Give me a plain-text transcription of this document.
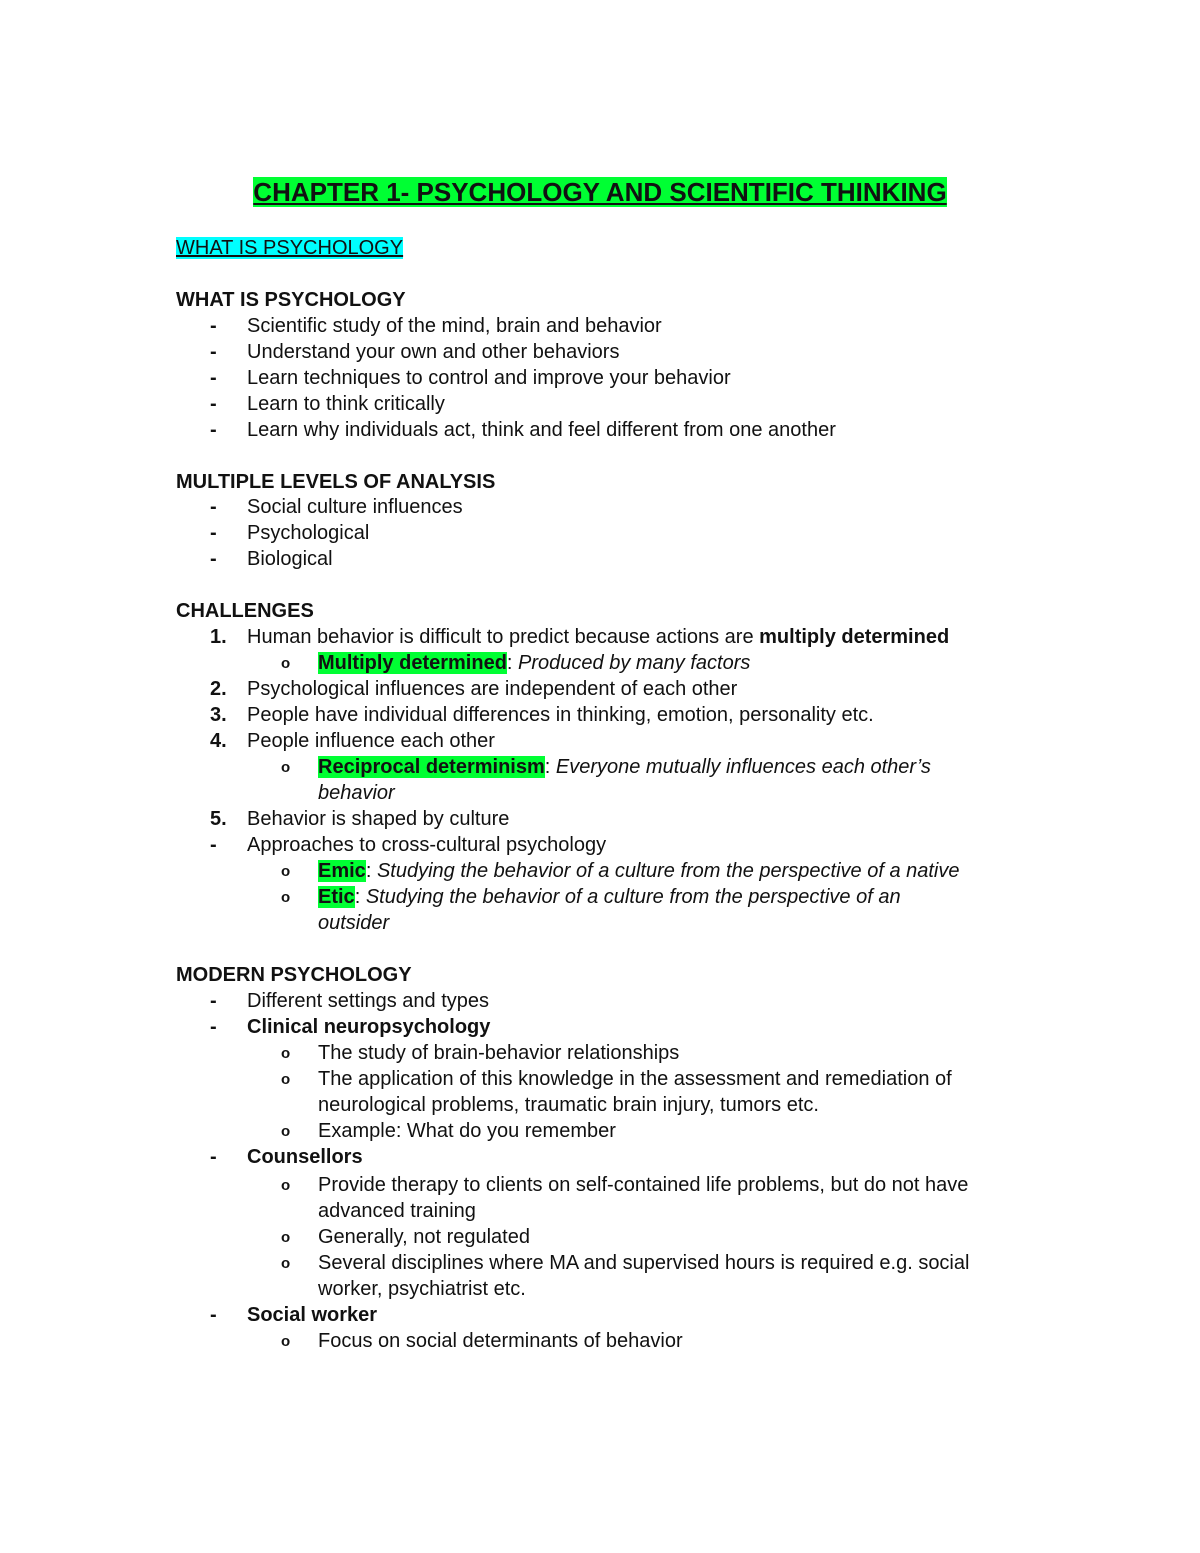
CHAPTER 1- PSYCHOLOGY AND SCIENTIFIC THINKING
WHAT IS PSYCHOLOGY
WHAT IS PSYCHOLOGY
- Scientific study of the mind, brain and behavior
- Understand your own and other behaviors
- Learn techniques to control and improve your behavior
- Learn to think critically
- Learn why individuals act, think and feel different from one another
MULTIPLE LEVELS OF ANALYSIS
- Social culture influences
- Psychological
- Biological
CHALLENGES
1. Human behavior is difficult to predict because actions are multiply determined
o Multiply determined: Produced by many factors
2. Psychological influences are independent of each other
3. People have individual differences in thinking, emotion, personality etc.
4. People influence each other
o Reciprocal determinism: Everyone mutually influences each other’s
behavior
5. Behavior is shaped by culture
- Approaches to cross-cultural psychology
o Emic: Studying the behavior of a culture from the perspective of a native
o Etic: Studying the behavior of a culture from the perspective of an
outsider
MODERN PSYCHOLOGY
- Different settings and types
- Clinical neuropsychology
o The study of brain-behavior relationships
o The application of this knowledge in the assessment and remediation of
neurological problems, traumatic brain injury, tumors etc.
o Example: What do you remember
- Counsellors
o Provide therapy to clients on self-contained life problems, but do not have
advanced training
o Generally, not regulated
o Several disciplines where MA and supervised hours is required e.g. social
worker, psychiatrist etc.
- Social worker
o Focus on social determinants of behavior
